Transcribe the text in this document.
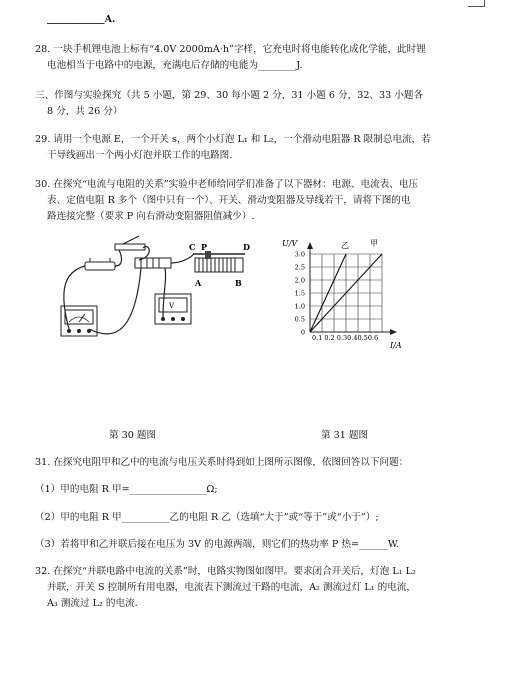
____________A.
28. 一块手机锂电池上标有“4.0V 2000mA·h”字样，它充电时将电能转化成化学能，此时锂
电池相当于电路中的电源，充满电后存储的电能为________J.
三、作图与实验探究（共 5 小题，第 29、30 每小题 2 分，31 小题 6 分，32、33 小题各
8 分，共 26 分）
29. 请用一个电源 E，一个开关 s，两个小灯泡 L₁ 和 L₂，一个滑动电阻器 R 限制总电流，若
干导线画出一个两小灯泡并联工作的电路图.
30. 在探究“电流与电阻的关系”实验中老师给同学们准备了以下器材：电源、电流表、电压
表、定值电阻 R 多个（图中只有一个）、开关、滑动变阻器及导线若干，请将下图的电
路连接完整（要求 P 向右滑动变阻器阻值减少）.
C P	D
A	B
V
U/V
I/A
3.0
2.5
2.0
1.5
1.0
0.5
0
0.1 0.2 0.30.40.50.6
乙	甲
第 30 题图	第 31 题图
31. 在探究电阻甲和乙中的电流与电压关系时得到如上图所示图像，依图回答以下问题：
（1）甲的电阻 R 甲=________________Ω;
（2）甲的电阻 R 甲__________乙的电阻 R 乙（选填“大于”或“等于”或“小于”）;
（3）若将甲和乙并联后接在电压为 3V 的电源两端，则它们的热功率 P 热=______W.
32. 在探究“并联电路中电流的关系”时，电路实物图如图甲。要求闭合开关后，灯泡 L₁ L₂
并联，开关 S 控制所有用电器，电流表下测流过干路的电流，A₂ 测流过灯 L₁ 的电流，
A₃ 测流过 L₂ 的电流．
